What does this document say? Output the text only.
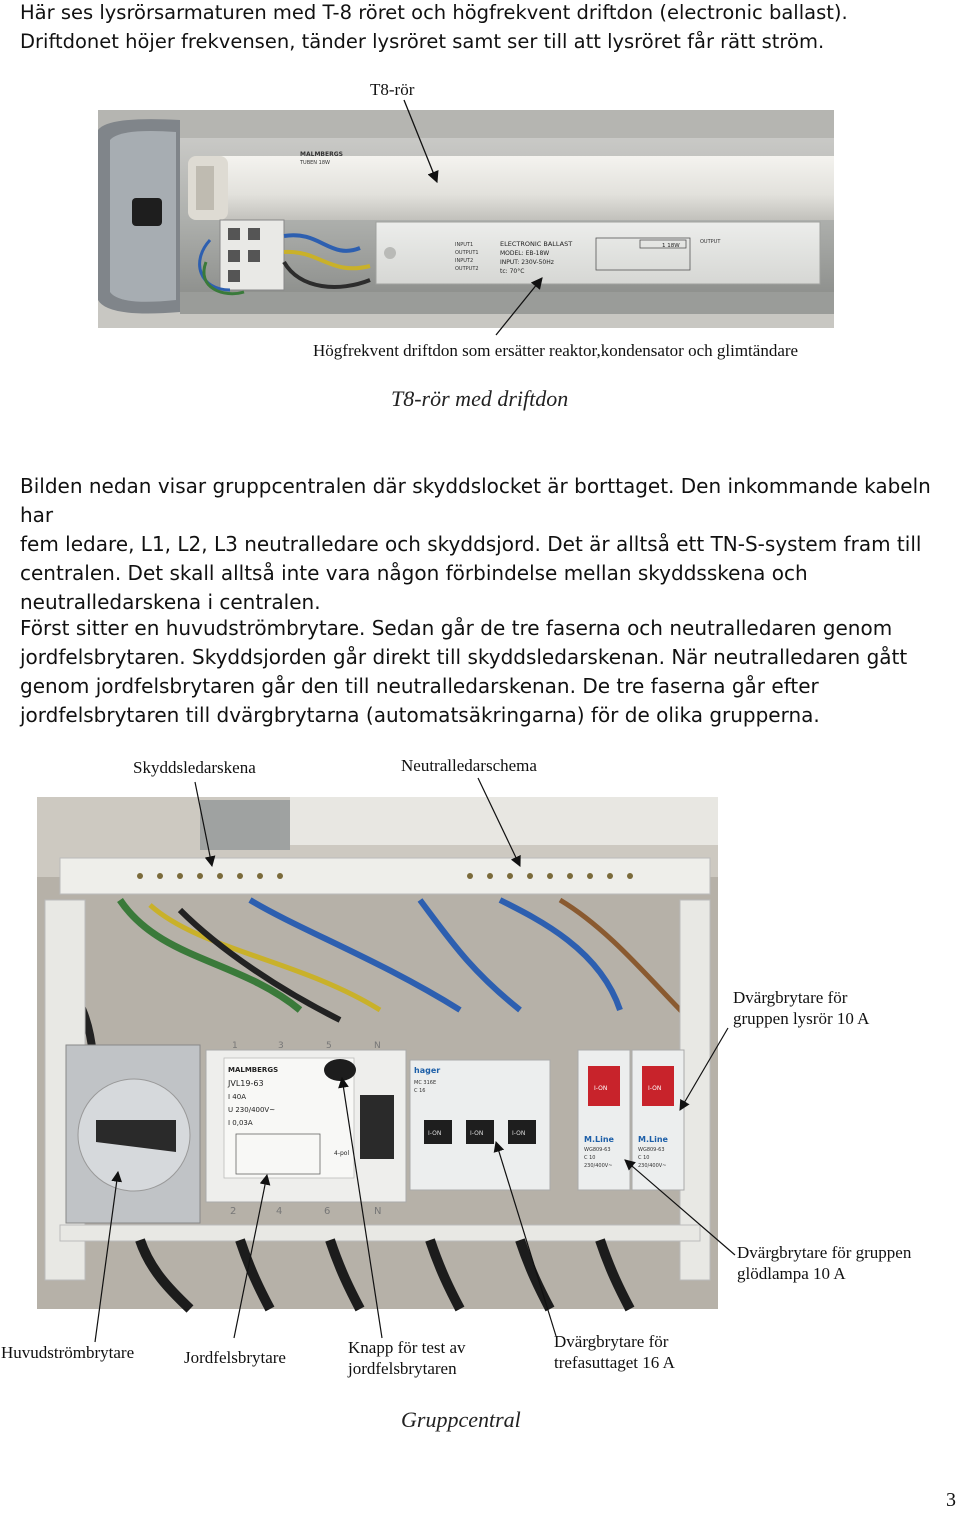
Här ses lysrörsarmaturen med T-8 röret och högfrekvent driftdon (electronic ballast).
Driftdonet höjer frekvensen, tänder lysröret samt ser till att lysröret får rätt ström.
T8-rör
MALMBERGS
TUBEN 18W
INPUT1
OUTPUT1
INPUT2
OUTPUT2
ELECTRONIC BALLAST
MODEL: EB-18W
INPUT: 230V-50Hz
tc: 70°C
1 18W
OUTPUT
MALMBERGS
JVL19-63
I 40A
U 230/400V~
I 0,03A
4-pol
1	3	5	N
2	4	6	N
hager
MC 316E
C 16
I-ON	I-ON	I-ON
I-ON	I-ON
M.Line	M.Line
WG809-63	WG809-63
C 10	C 10
230/400V~	230/400V~
Högfrekvent driftdon som ersätter reaktor,kondensator och glimtändare
T8-rör med driftdon
Bilden nedan visar gruppcentralen där skyddslocket är borttaget. Den inkommande kabeln har
fem ledare, L1, L2, L3 neutralledare och skyddsjord. Det är alltså ett TN-S-system fram till
centralen. Det skall alltså inte vara någon förbindelse mellan skyddsskena och
neutralledarskena i centralen.
Först sitter en huvudströmbrytare. Sedan går de tre faserna och neutralledaren genom
jordfelsbrytaren. Skyddsjorden går direkt till skyddsledarskenan. När neutralledaren gått
genom jordfelsbrytaren går den till neutralledarskenan. De tre faserna går efter
jordfelsbrytaren till dvärgbrytarna (automatsäkringarna) för de olika grupperna.
Skyddsledarskena	Neutralledarschema
Dvärgbrytare för
gruppen lysrör 10 A
Dvärgbrytare för gruppen
glödlampa 10 A
Huvudströmbrytare	Jordfelsbrytare
Knapp för test av
jordfelsbrytaren
Dvärgbrytare för
trefasuttaget 16 A
Gruppcentral
3
